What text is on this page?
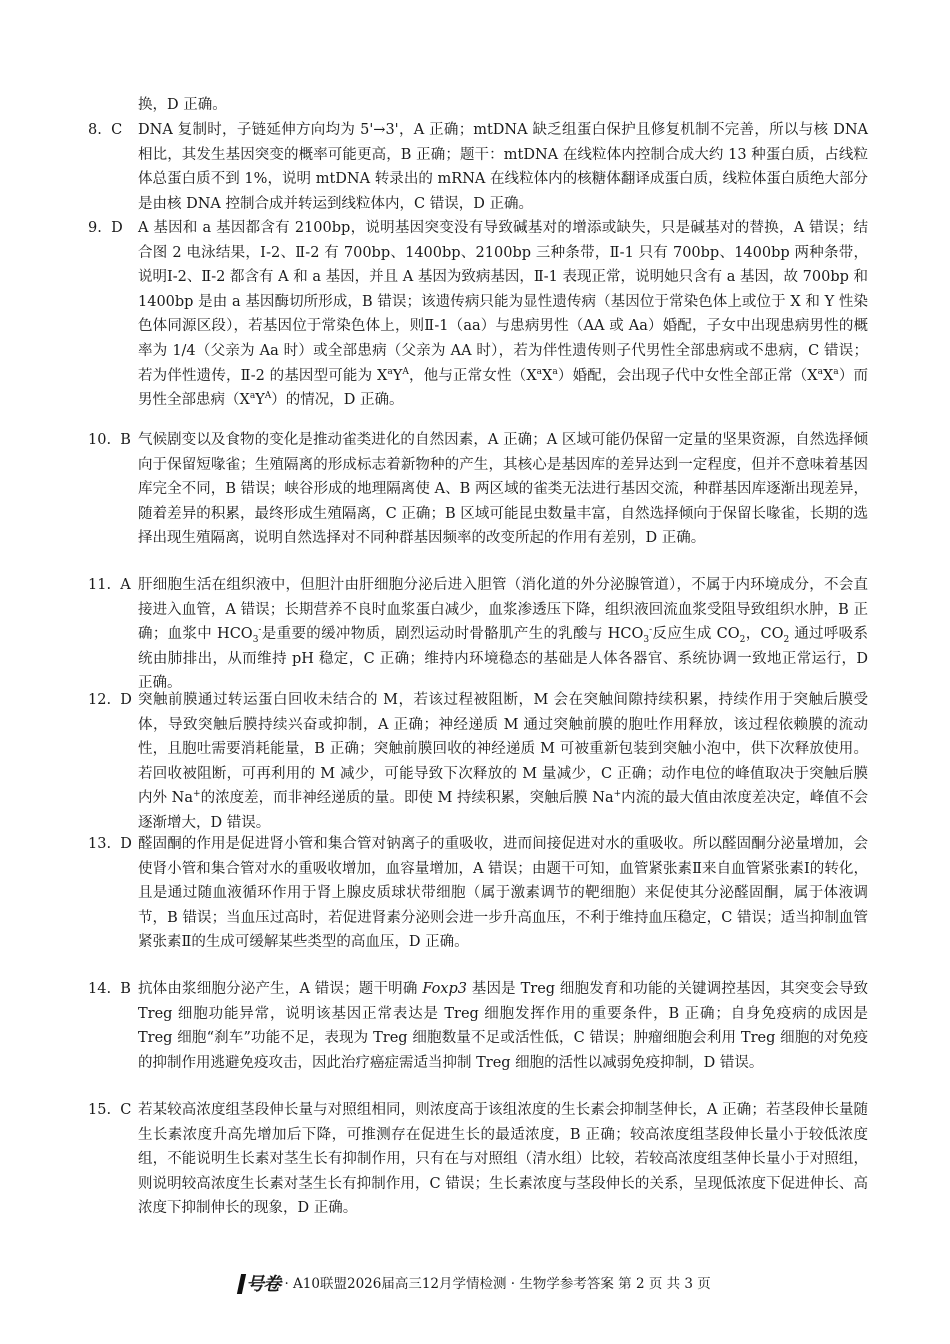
换，D 正确。
8. C DNA 复制时，子链延伸方向均为 5'→3'，A 正确；mtDNA 缺乏组蛋白保护且修复机制不完善，所以与核 DNA 相比，其发生基因突变的概率可能更高，B 正确；题干：mtDNA 在线粒体内控制合成大约 13 种蛋白质，占线粒体总蛋白质不到 1%，说明 mtDNA 转录出的 mRNA 在线粒体内的核糖体翻译成蛋白质，线粒体蛋白质绝大部分是由核 DNA 控制合成并转运到线粒体内，C 错误，D 正确。
9. D A 基因和 a 基因都含有 2100bp，说明基因突变没有导致碱基对的增添或缺失，只是碱基对的替换，A 错误；结合图 2 电泳结果，Ⅰ-2、Ⅱ-2 有 700bp、1400bp、2100bp 三种条带，Ⅱ-1 只有 700bp、1400bp 两种条带，说明Ⅰ-2、Ⅱ-2 都含有 A 和 a 基因，并且 A 基因为致病基因，Ⅱ-1 表现正常，说明她只含有 a 基因，故 700bp 和 1400bp 是由 a 基因酶切所形成，B 错误；该遗传病只能为显性遗传病（基因位于常染色体上或位于 X 和 Y 性染色体同源区段），若基因位于常染色体上，则Ⅱ-1（aa）与患病男性（AA 或 Aa）婚配，子女中出现患病男性的概率为 1/4（父亲为 Aa 时）或全部患病（父亲为 AA 时），若为伴性遗传则子代男性全部患病或不患病，C 错误；若为伴性遗传，Ⅱ-2 的基因型可能为 $X^aY^A$，他与正常女性$(X^aX^a)$婚配，会出现子代中女性全部正常$(X^aX^a)$而男性全部患病$(X^aY^A)$的情况，D 正确。
10. B 气候剧变以及食物的变化是推动雀类进化的自然因素，A 正确；A 区域可能仍保留一定量的坚果资源，自然选择倾向于保留短喙雀；生殖隔离的形成标志着新物种的产生，其核心是基因库的差异达到一定程度，但并不意味着基因库完全不同，B 错误；峡谷形成的地理隔离使 A、B 两区域的雀类无法进行基因交流，种群基因库逐渐出现差异，随着差异的积累，最终形成生殖隔离，C 正确；B 区域可能昆虫数量丰富，自然选择倾向于保留长喙雀，长期的选择出现生殖隔离，说明自然选择对不同种群基因频率的改变所起的作用有差别，D 正确。
11. A 肝细胞生活在组织液中，但胆汁由肝细胞分泌后进入胆管（消化道的外分泌腺管道），不属于内环境成分，不会直接进入血管，A 错误；长期营养不良时血浆蛋白减少，血浆渗透压下降，组织液回流血浆受阻导致组织水肿，B 正确；血浆中 $HCO_3^-$是重要的缓冲物质，剧烈运动时骨骼肌产生的乳酸与 $HCO_3^-$反应生成 $CO_2$，$CO_2$ 通过呼吸系统由肺排出，从而维持 pH 稳定，C 正确；维持内环境稳态的基础是人体各器官、系统协调一致地正常运行，D 正确。
12. D 突触前膜通过转运蛋白回收未结合的 M，若该过程被阻断，M 会在突触间隙持续积累，持续作用于突触后膜受体，导致突触后膜持续兴奋或抑制，A 正确；神经递质 M 通过突触前膜的胞吐作用释放，该过程依赖膜的流动性，且胞吐需要消耗能量，B 正确；突触前膜回收的神经递质 M 可被重新包装到突触小泡中，供下次释放使用。若回收被阻断，可再利用的 M 减少，可能导致下次释放的 M 量减少，C 正确；动作电位的峰值取决于突触后膜内外 Na+的浓度差，而非神经递质的量。即使 M 持续积累，突触后膜 Na+内流的最大值由浓度差决定，峰值不会逐渐增大，D 错误。
13. D 醛固酮的作用是促进肾小管和集合管对钠离子的重吸收，进而间接促进对水的重吸收。所以醛固酮分泌量增加，会使肾小管和集合管对水的重吸收增加，血容量增加，A 错误；由题干可知，血管紧张素Ⅱ来自血管紧张素Ⅰ的转化，且是通过随血液循环作用于肾上腺皮质球状带细胞（属于激素调节的靶细胞）来促使其分泌醛固酮，属于体液调节，B 错误；当血压过高时，若促进肾素分泌则会进一步升高血压，不利于维持血压稳定，C 错误；适当抑制血管紧张素Ⅱ的生成可缓解某些类型的高血压，D 正确。
14. B 抗体由浆细胞分泌产生，A 错误；题干明确 Foxp3 基因是 Treg 细胞发育和功能的关键调控基因，其突变会导致 Treg 细胞功能异常，说明该基因正常表达是 Treg 细胞发挥作用的重要条件，B 正确；自身免疫病的成因是 Treg 细胞“刹车”功能不足，表现为 Treg 细胞数量不足或活性低，C 错误；肿瘤细胞会利用 Treg 细胞的对免疫的抑制作用逃避免疫攻击，因此治疗癌症需适当抑制 Treg 细胞的活性以减弱免疫抑制，D 错误。
15. C 若某较高浓度组茎段伸长量与对照组相同，则浓度高于该组浓度的生长素会抑制茎伸长，A 正确；若茎段伸长量随生长素浓度升高先增加后下降，可推测存在促进生长的最适浓度，B 正确；较高浓度组茎段伸长量小于较低浓度组，不能说明生长素对茎生长有抑制作用，只有在与对照组（清水组）比较，若较高浓度组茎伸长量小于对照组，则说明较高浓度生长素对茎生长有抑制作用，C 错误；生长素浓度与茎段伸长的关系，呈现低浓度下促进伸长、高浓度下抑制伸长的现象，D 正确。
号卷 · A10联盟2026届高三12月学情检测 · 生物学参考答案 第 2 页 共 3 页
